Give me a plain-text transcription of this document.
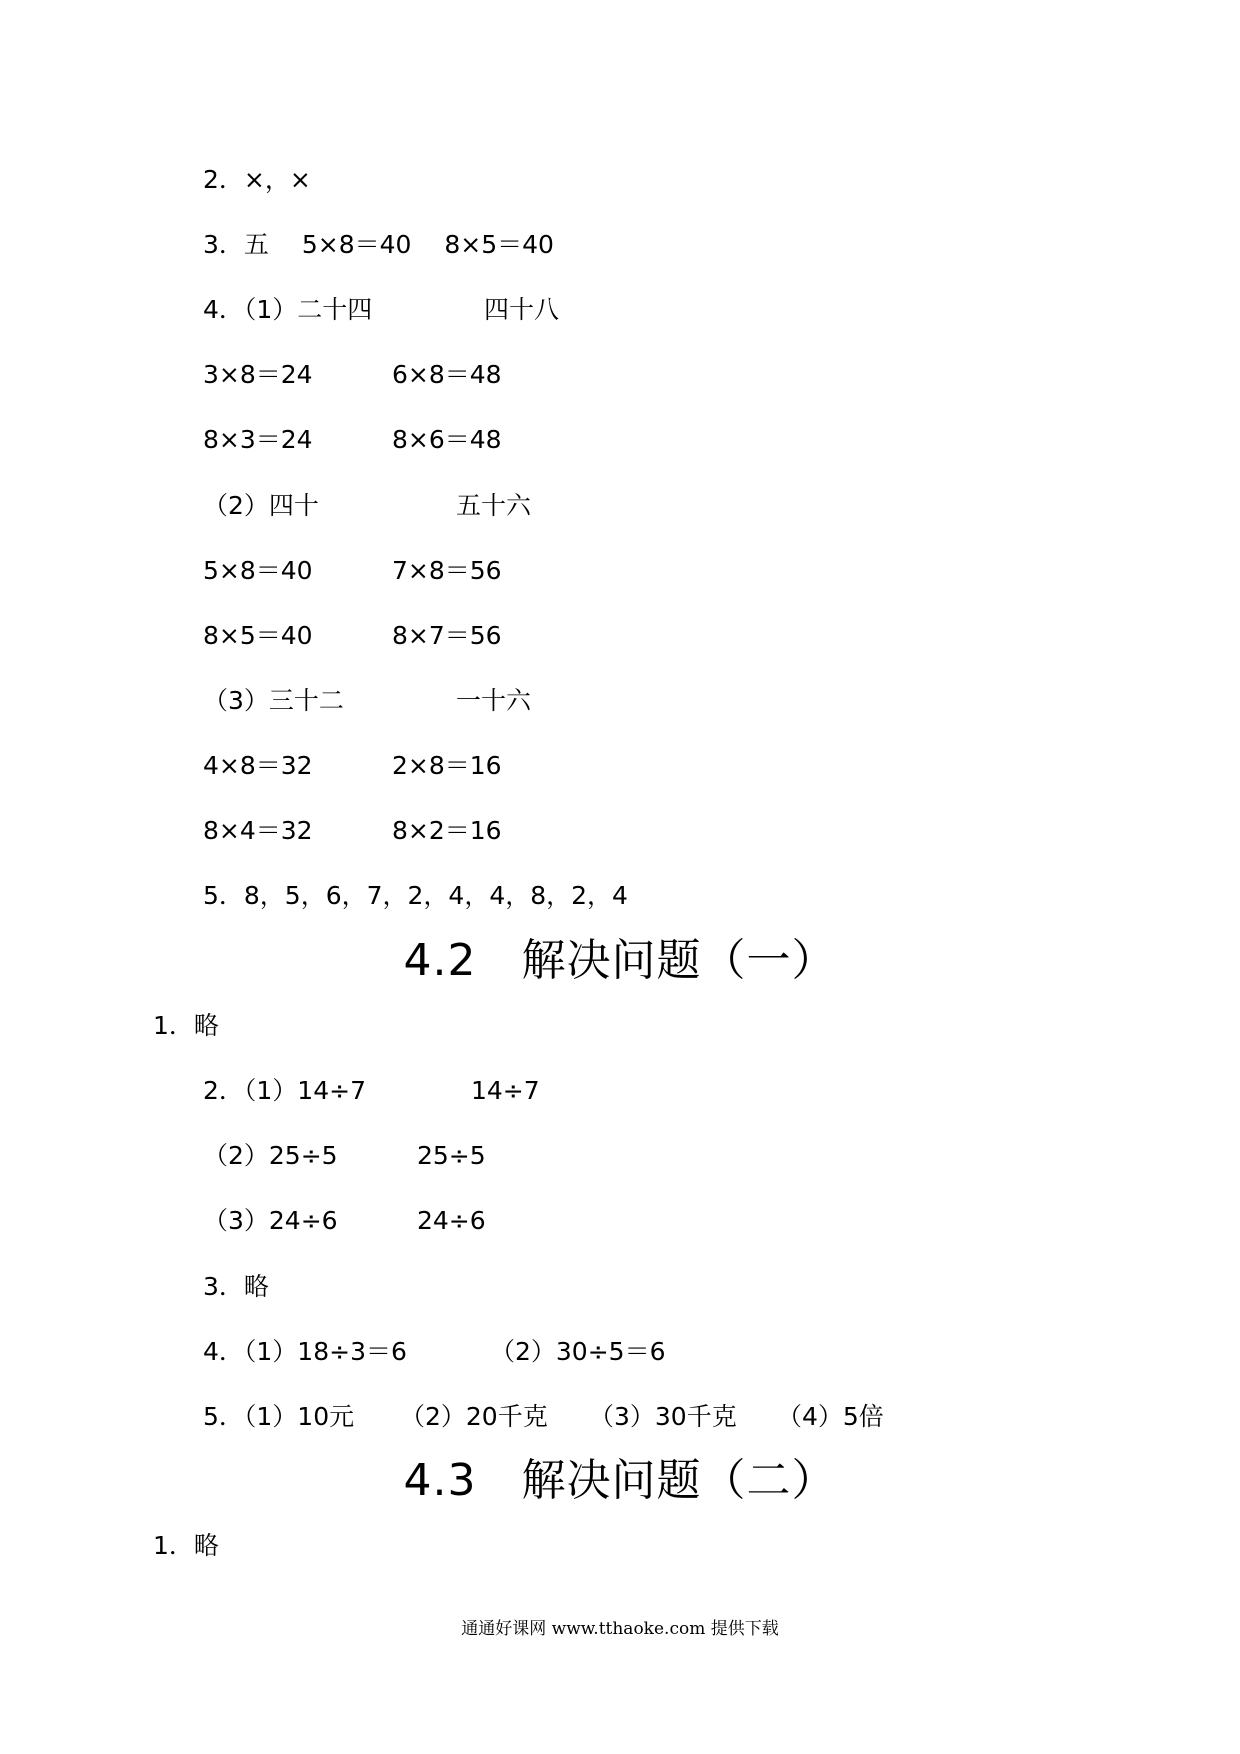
2．×，×
3．五　 5×8＝40　 8×5＝40
4．（1）二十四	四十八
3×8＝24	6×8＝48
8×3＝24	8×6＝48
（2）四十	五十六
5×8＝40	7×8＝56
8×5＝40	8×7＝56
（3）三十二	一十六
4×8＝32	2×8＝16
8×4＝32	8×2＝16
5．8，5，6，7，2，4，4，8，2，4
4.2　解决问题（一）
1．略
2．（1）14÷7	14÷7
（2）25÷5	25÷5
（3）24÷6	24÷6
3．略
4．（1）18÷3＝6	（2）30÷5＝6
5．（1）10元 （2）20千克 （3）30千克 （4）5倍
4.3　解决问题（二）
1．略
通通好课网 www.tthaoke.com 提供下载
